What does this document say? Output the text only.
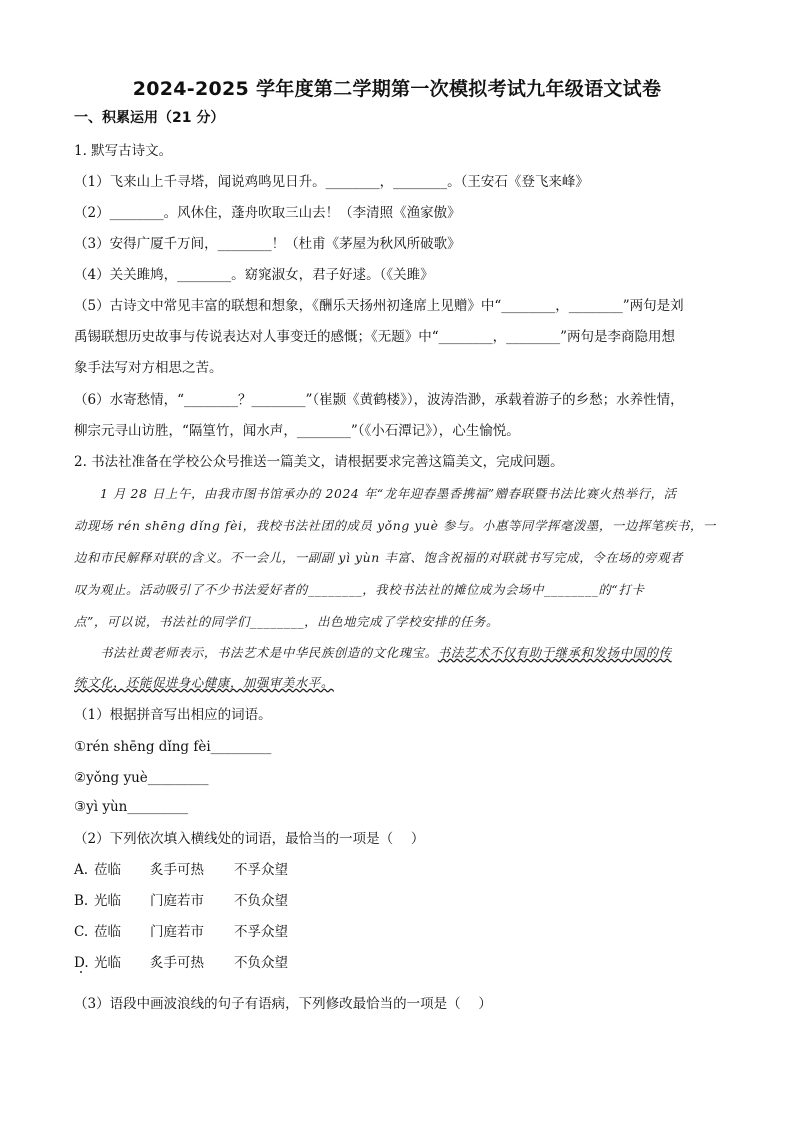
2024-2025 学年度第二学期第一次模拟考试九年级语文试卷
一、积累运用（21 分）
1. 默写古诗文。
（1）飞来山上千寻塔，闻说鸡鸣见日升。________，________。（王安石《登飞来峰》
（2）________。风休住，蓬舟吹取三山去！（李清照《渔家傲》
（3）安得广厦千万间，________！（杜甫《茅屋为秋风所破歌》
（4）关关雎鸠，________。窈窕淑女，君子好逑。（《关雎》
（5）古诗文中常见丰富的联想和想象，《酬乐天扬州初逢席上见赠》中“________，________”两句是刘
禹锡联想历史故事与传说表达对人事变迁的感慨；《无题》中“________，________”两句是李商隐用想
象手法写对方相思之苦。
（6）水寄愁情，“________？________”（崔颢《黄鹤楼》），波涛浩渺，承载着游子的乡愁；水养性情，
柳宗元寻山访胜，“隔篁竹，闻水声，________”（《小石潭记》），心生愉悦。
2. 书法社准备在学校公众号推送一篇美文，请根据要求完善这篇美文，完成问题。
1 月 28 日上午，由我市图书馆承办的 2024 年“龙年迎春墨香携福”赠春联暨书法比赛火热举行，活
动现场 rén shēng dǐng fèi，我校书法社团的成员 yǒng yuè 参与。小惠等同学挥毫泼墨，一边挥笔疾书，一
边和市民解释对联的含义。不一会儿，一副副 yì yùn 丰富、饱含祝福的对联就书写完成，令在场的旁观者
叹为观止。活动吸引了不少书法爱好者的________，我校书法社的摊位成为会场中________的“打卡
点”，可以说，书法社的同学们________，出色地完成了学校安排的任务。
书法社黄老师表示，书法艺术是中华民族创造的文化瑰宝。书法艺术不仅有助于继承和发扬中国的传
统文化，还能促进身心健康，加强审美水平。
（1）根据拼音写出相应的词语。
①rén shēng dǐng fèi_________
②yǒng yuè_________
③yì yùn_________
（2）下列依次填入横线处的词语，最恰当的一项是（　 ）
A. 莅临 炙手可热 不孚众望
B. 光临 门庭若市 不负众望
C. 莅临 门庭若市 不孚众望
D. 光临 炙手可热 不负众望
（3）语段中画波浪线的句子有语病，下列修改最恰当的一项是（　 ）
